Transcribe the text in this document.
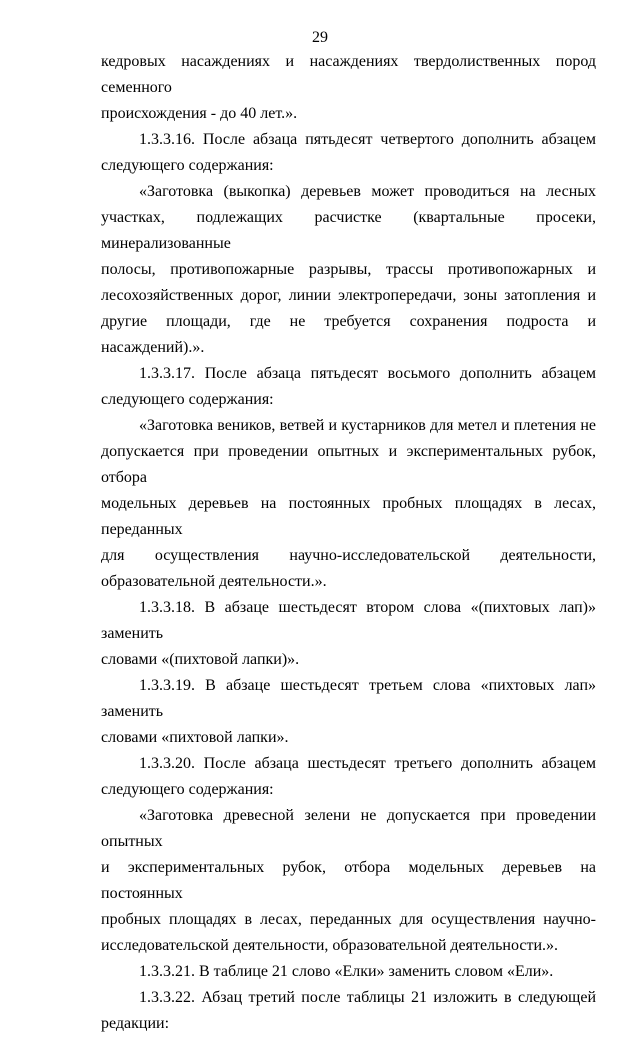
29
кедровых насаждениях и насаждениях твердолиственных пород семенного
происхождения - до 40 лет.».
1.3.3.16. После абзаца пятьдесят четвертого дополнить абзацем
следующего содержания:
«Заготовка (выкопка) деревьев может проводиться на лесных
участках, подлежащих расчистке (квартальные просеки, минерализованные
полосы, противопожарные разрывы, трассы противопожарных и
лесохозяйственных дорог, линии электропередачи, зоны затопления и
другие площади, где не требуется сохранения подроста и насаждений).».
1.3.3.17. После абзаца пятьдесят восьмого дополнить абзацем
следующего содержания:
«Заготовка веников, ветвей и кустарников для метел и плетения не
допускается при проведении опытных и экспериментальных рубок, отбора
модельных деревьев на постоянных пробных площадях в лесах, переданных
для осуществления научно-исследовательской деятельности,
образовательной деятельности.».
1.3.3.18. В абзаце шестьдесят втором слова «(пихтовых лап)» заменить
словами «(пихтовой лапки)».
1.3.3.19. В абзаце шестьдесят третьем слова «пихтовых лап» заменить
словами «пихтовой лапки».
1.3.3.20. После абзаца шестьдесят третьего дополнить абзацем
следующего содержания:
«Заготовка древесной зелени не допускается при проведении опытных
и экспериментальных рубок, отбора модельных деревьев на постоянных
пробных площадях в лесах, переданных для осуществления научно-
исследовательской деятельности, образовательной деятельности.».
1.3.3.21. В таблице 21 слово «Елки» заменить словом «Ели».
1.3.3.22. Абзац третий после таблицы 21 изложить в следующей
редакции:
